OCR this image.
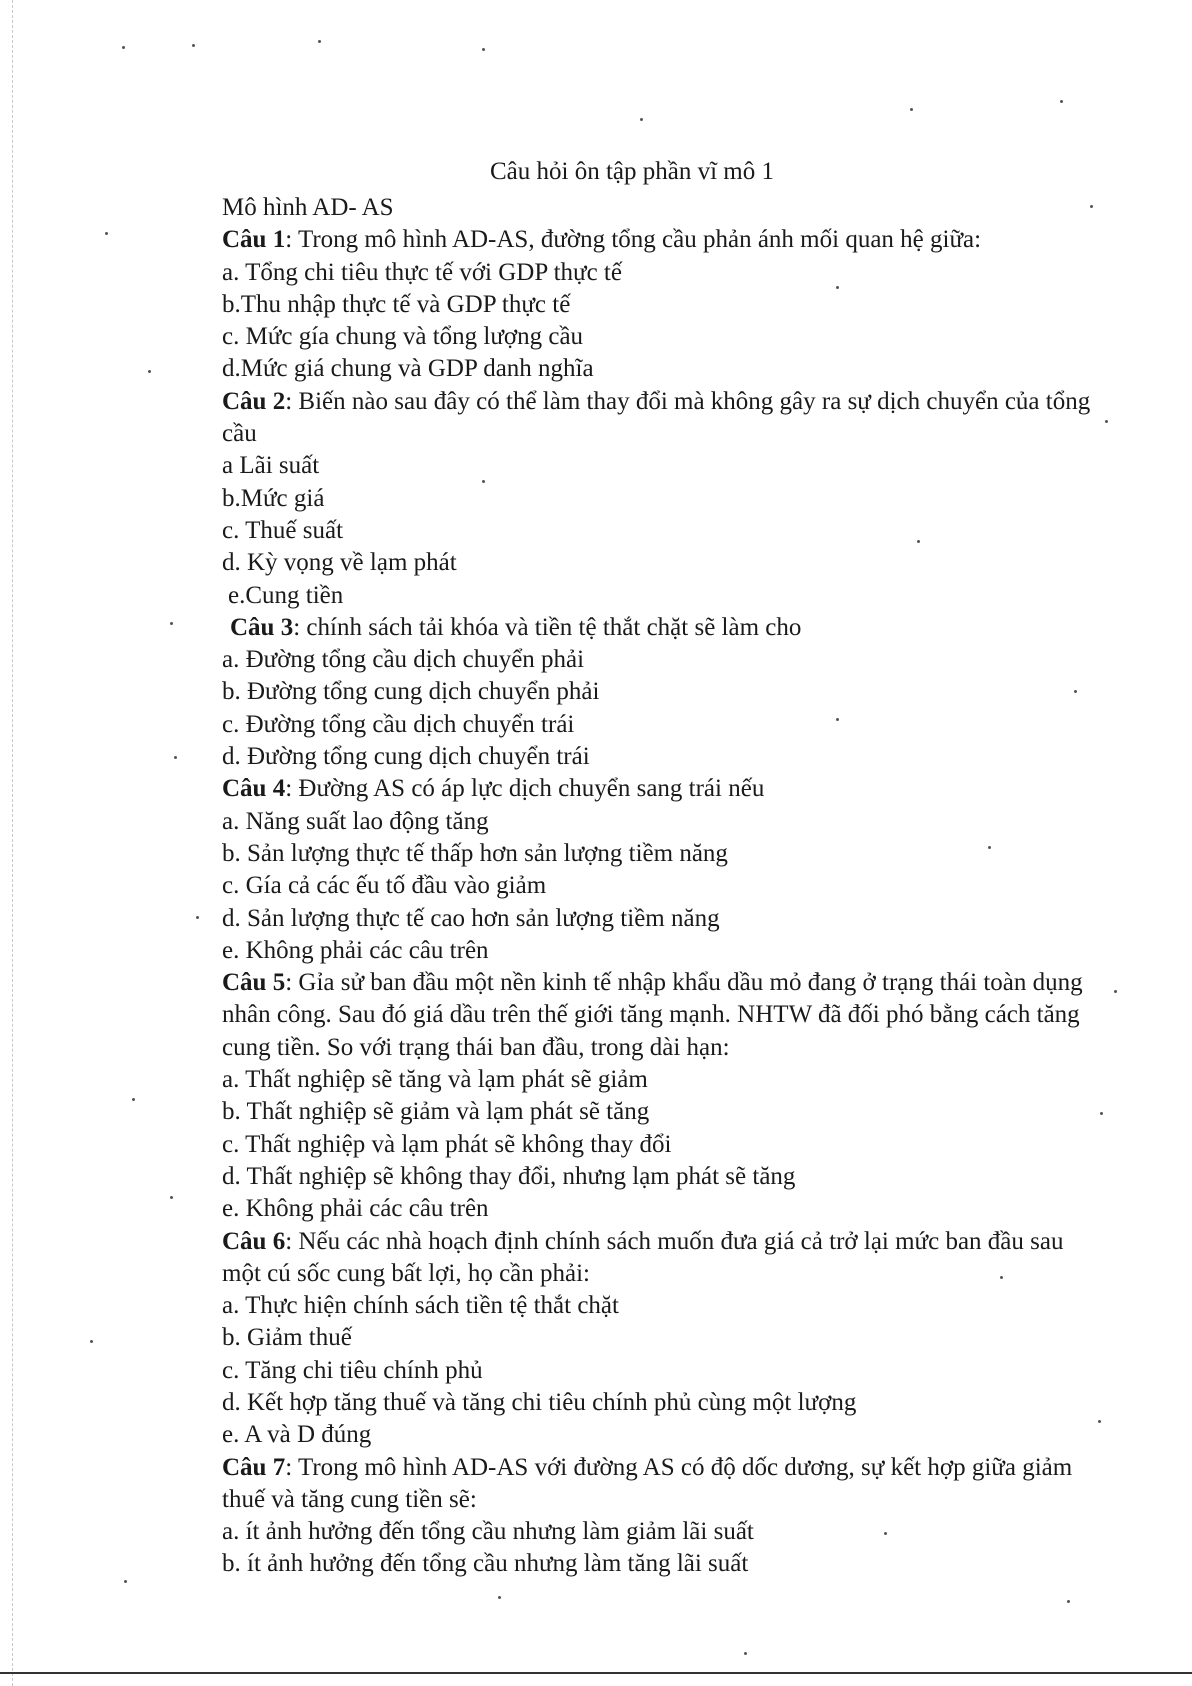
Câu hỏi ôn tập phần vĩ mô 1
Mô hình AD- AS
Câu 1: Trong mô hình AD-AS, đường tổng cầu phản ánh mối quan hệ giữa:
a. Tổng chi tiêu thực tế với GDP thực tế
b.Thu nhập thực tế và GDP thực tế
c. Mức gía chung và tổng lượng cầu
d.Mức giá chung và GDP danh nghĩa
Câu 2: Biến nào sau đây có thể làm thay đổi mà không gây ra sự dịch chuyển của tổng cầu
a Lãi suất
b.Mức giá
c. Thuế suất
d. Kỳ vọng về lạm phát
e.Cung tiền
Câu 3: chính sách tải khóa và tiền tệ thắt chặt sẽ làm cho
a. Đường tổng cầu dịch chuyển phải
b. Đường tổng cung dịch chuyển phải
c. Đường tổng cầu dịch chuyển trái
d. Đường tổng cung dịch chuyển trái
Câu 4: Đường AS có áp lực dịch chuyển sang trái nếu
a. Năng suất lao động tăng
b. Sản lượng thực tế thấp hơn sản lượng tiềm năng
c. Gía cả các ếu tố đầu vào giảm
d. Sản lượng thực tế cao hơn sản lượng tiềm năng
e. Không phải các câu trên
Câu 5: Gỉa sử ban đầu một nền kinh tế nhập khẩu dầu mỏ đang ở trạng thái toàn dụng nhân công. Sau đó giá dầu trên thế giới tăng mạnh. NHTW đã đối phó bằng cách tăng cung tiền. So với trạng thái ban đầu, trong dài hạn:
a. Thất nghiệp sẽ tăng và lạm phát sẽ giảm
b. Thất nghiệp sẽ giảm và lạm phát sẽ tăng
c. Thất nghiệp và lạm phát sẽ không thay đổi
d. Thất nghiệp sẽ không thay đổi, nhưng lạm phát sẽ tăng
e. Không phải các câu trên
Câu 6: Nếu các nhà hoạch định chính sách muốn đưa giá cả trở lại mức ban đầu sau một cú sốc cung bất lợi, họ cần phải:
a. Thực hiện chính sách tiền tệ thắt chặt
b. Giảm thuế
c. Tăng chi tiêu chính phủ
d. Kết hợp tăng thuế và tăng chi tiêu chính phủ cùng một lượng
e. A và D đúng
Câu 7: Trong mô hình AD-AS với đường AS có độ dốc dương, sự kết hợp giữa giảm thuế và tăng cung tiền sẽ:
a. ít ảnh hưởng đến tổng cầu nhưng làm giảm lãi suất
b. ít ảnh hưởng đến tổng cầu nhưng làm tăng lãi suất
